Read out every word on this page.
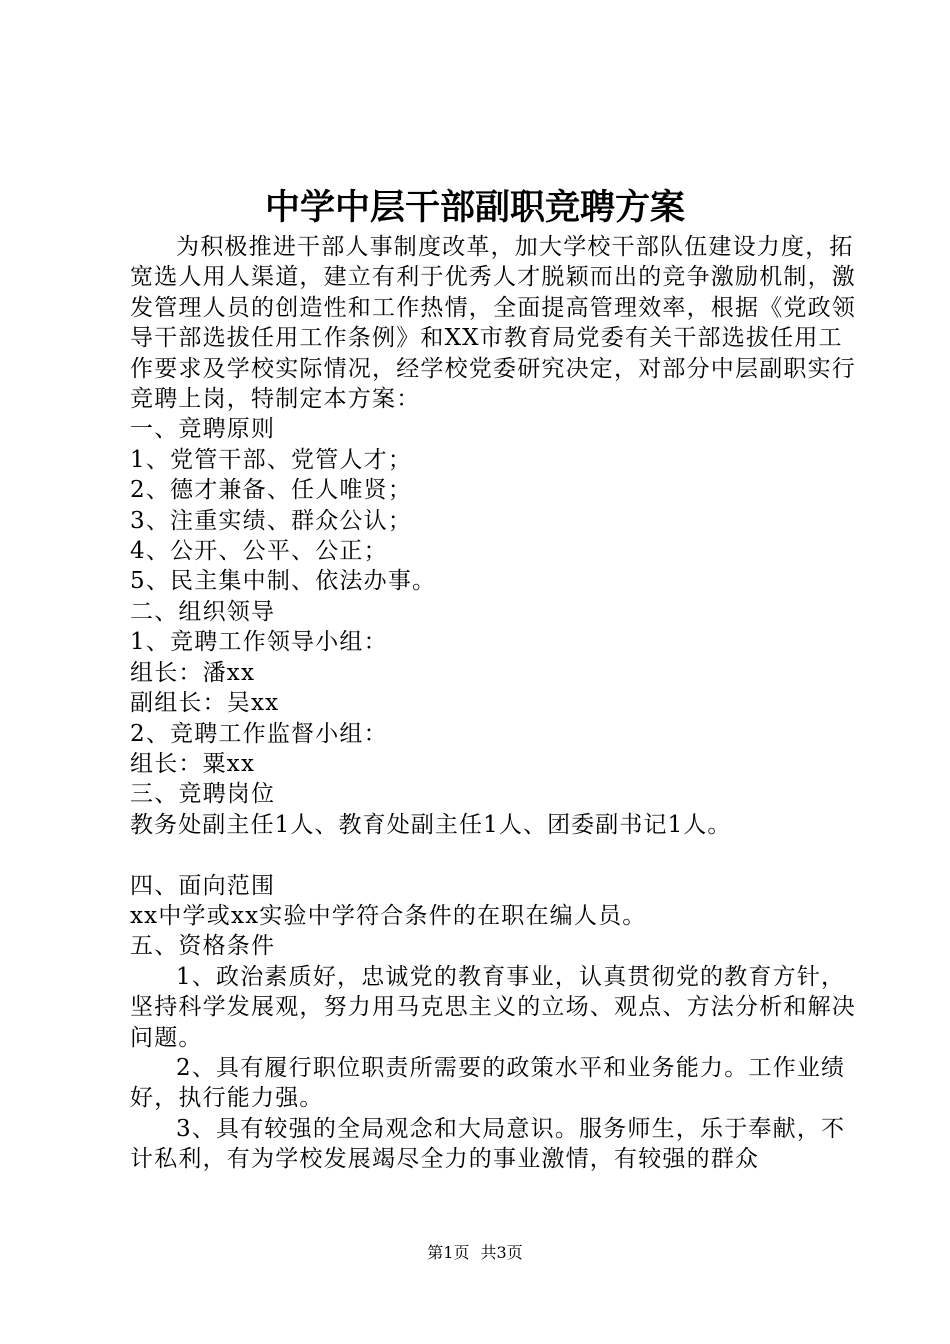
中学中层干部副职竞聘方案

为积极推进干部人事制度改革，加大学校干部队伍建设力度，拓宽选人用人渠道，建立有利于优秀人才脱颖而出的竞争激励机制，激发管理人员的创造性和工作热情，全面提高管理效率，根据《党政领导干部选拔任用工作条例》和XX市教育局党委有关干部选拔任用工作要求及学校实际情况，经学校党委研究决定，对部分中层副职实行竞聘上岗，特制定本方案：

一、竞聘原则

1、党管干部、党管人才；

2、德才兼备、任人唯贤；

3、注重实绩、群众公认；

4、公开、公平、公正；

5、民主集中制、依法办事。

二、组织领导

1、竞聘工作领导小组：

组长：潘xx

副组长：吴xx

2、竞聘工作监督小组：

组长：粟xx

三、竞聘岗位

教务处副主任1人、教育处副主任1人、团委副书记1人。

四、面向范围

xx中学或xx实验中学符合条件的在职在编人员。

五、资格条件

1、政治素质好，忠诚党的教育事业，认真贯彻党的教育方针，坚持科学发展观，努力用马克思主义的立场、观点、方法分析和解决问题。

2、具有履行职位职责所需要的政策水平和业务能力。工作业绩好，执行能力强。

3、具有较强的全局观念和大局意识。服务师生，乐于奉献，不计私利，有为学校发展竭尽全力的事业激情，有较强的群众

第1页 共3页
